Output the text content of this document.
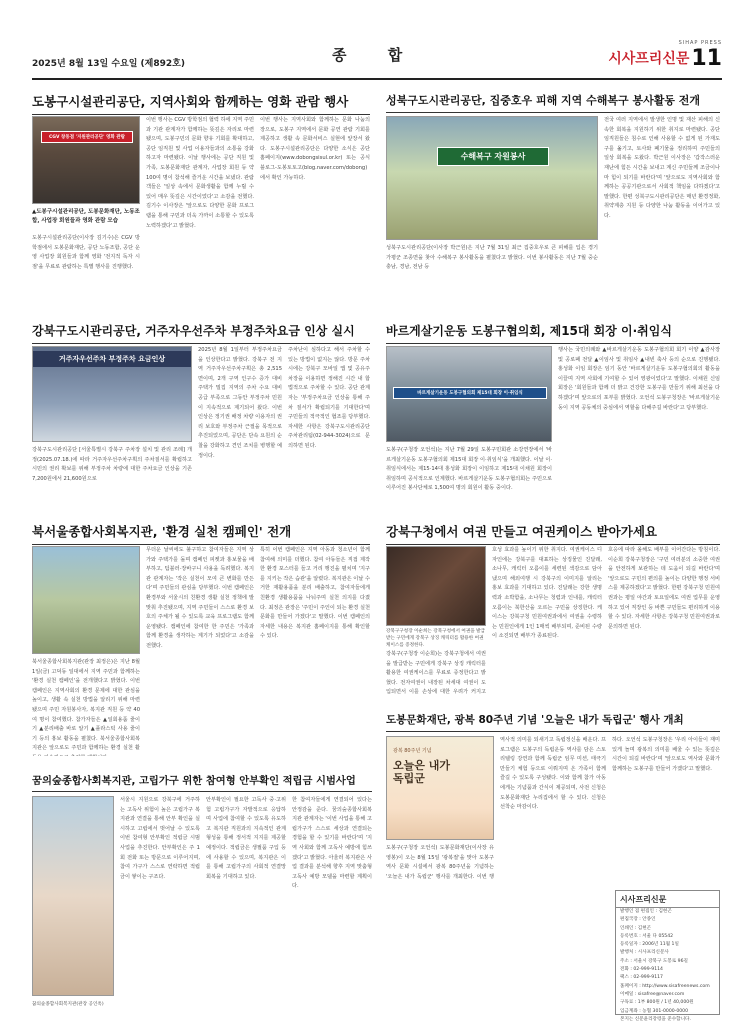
2025년 8월 13일 수요일 (제892호)	종 합
SIHAP PRESS
시사프리신문11
도봉구시설관리공단, 지역사회와 함께하는 영화 관람 행사
CGV 창동점 '지원관리공단' 영화 관람
▲도봉구시설관리공단, 도봉문화재단, 노동조합, 사업장 회원들과 영화 관람 모습
도봉구시설관리공단(이사장 김기수)은 CGV 방학점에서 도봉문화재단, 공단 노동조합, 공단 운영 사업장 회원들과 함께 영화 '전지적 독자 시점'을 무료로 관람하는 특별 행사를 진행했다.
이번 행사는 CGV 방학점의 협력 하에 지역 주민과 기관 관계자가 함께하는 뜻깊은 자리로 마련됐으며, 도봉구민의 문화 향유 기회를 확대하고, 공단 임직원 및 사업 이용자들과의 소통을 강화하고자 마련됐다. 이날 행사에는 공단 직원 및 가족, 도봉문화재단 관계자, 사업장 회원 등 약 100여 명이 참석해 즐거운 시간을 보냈다. 관람객들은 '일상 속에서 문화생활을 함께 누릴 수 있어 매우 뜻깊은 시간이었다'고 소감을 전했다. 김기수 이사장은 '앞으로도 다양한 문화 프로그램을 통해 구민과 더욱 가까이 소통할 수 있도록 노력하겠다'고 밝혔다.
이번 행사는 지역사회와 함께하는 문화 나눔의 장으로, 도봉구 지역에서 문화 공연 관람 기회를 제공하고 생활 속 문화서비스 실현에 앞장서 왔다. 도봉구시설관리공단은 다양한 소식은 공단 홈페이지(www.dobongsisul.or.kr) 또는 공식 블로그-도봉토토고(blog.naver.com/dobong)에서 확인 가능하다.
성북구도시관리공단, 집중호우 피해 지역 수해복구 봉사활동 전개
수해복구 자원봉사
성북구도시관리공단(이사장 박근원)은 지난 7월 31일 최근 집중호우로 큰 피해를 입은 경기 가평군 조종면을 찾아 수해복구 봉사활동을 펼쳤다고 밝혔다. 이번 봉사활동은 지난 7월 중순 충남, 경남, 전남 등
전국 여러 지역에서 발생한 인명 및 재산 피해의 신속한 회복을 지원하기 위한 취지로 마련됐다. 공단 임직원들은 침수로 인해 사용할 수 없게 된 가재도구를 옮기고, 토사와 폐기물을 정리하며 주민들의 일상 회복을 도왔다. 박근원 이사장은 '갑작스러운 재난에 힘든 시간을 보내고 계신 주민들께 조금이나마 힘이 되기를 바란다'며 '앞으로도 지역사회와 함께하는 공공기관으로서 사회적 책임을 다하겠다'고 말했다. 한편 성북구도시관리공단은 매년 환경정화, 취약계층 지원 등 다양한 나눔 활동을 이어가고 있다.
강북구도시관리공단, 거주자우선주차 부정주차요금 인상 실시
거주자우선주차 부정주차 요금인상
강북구도시관리공단 [서울특별시 강북구 주차장 설치 및 관리 조례] 개정(2025.07.18.)에 따라 거주자우선주차구획의 주차질서를 확립하고 시민의 권리 확보를 위해 부정주차 차량에 대한 주차요금 인상을 기존 7,200원에서 21,600원으로
2025년 8월 1일부터 부정주차요금을 인상한다고 밝혔다. 강북구 전 지역 거주자우선주차구획은 총 2,515면이며, 2개 구역 인구수 증가 대비 주택가 밀집 지역의 주차 수요 대비 공급 부족으로 그동안 부정주차 민원이 지속적으로 제기되어 왔다. 이번 인상은 정기권 배정 차량 이용자의 권리 보호와 부정주차 근절을 목적으로 추진되었으며, 공단은 단속 요원의 순찰을 강화하고 견인 조치를 병행할 예정이다.
주차난이 심하다고 해서 주차할 수 있는 방법이 없지는 않다. 방문 주차 시에는 강북구 모바일 앱 및 공유주차장을 이용하면 정해진 시간 내 합법적으로 주차할 수 있다. 공단 관계자는 '부정주차요금 인상을 통해 주차 질서가 확립되기를 기대한다'며 구민들의 적극적인 협조를 당부했다. 자세한 사항은 강북구도시관리공단 주차관리팀(02-944-3024)으로 문의하면 된다.
바르게살기운동 도봉구협의회, 제15대 회장 이·취임식
바르게살기운동 도봉구협의회 제15대 회장 이·취임식
도봉구(구청장 오언석)는 지난 7월 29일 도봉구민회관 소강연장에서 '바르게살기운동 도봉구협의회 제15대 회장 이·취임식'을 개최했다. 이날 이·취임식에서는 제15·14대 홍성화 회장이 이임하고 제15대 이채원 회장이 취임하며 공식적으로 인계했다. 바르게살기운동 도봉구협의회는 주민으로 이루어진 봉사단체로 1,500여 명의 회원이 활동 중이다.
행사는 국민의례와 ▲바르게살기운동 도봉구협의회 회기 이양 ▲감사장 및 공로패 전달 ▲이임사 및 취임사 ▲내빈 축사 등의 순으로 진행됐다. 홍성화 이임 회장은 임기 동안 '바르게살기운동 도봉구협의회의 활동을 이끌며 지역 사회에 기여할 수 있어 영광이었다'고 말했다. 이채원 신임 회장은 '회원들과 함께 더 밝고 건강한 도봉구를 만들기 위해 최선을 다하겠다'며 앞으로의 포부를 밝혔다. 오언석 도봉구청장은 '바르게살기운동이 지역 공동체의 중심에서 역할을 다해주길 바란다'고 당부했다.
북서울종합사회복지관, '환경 실천 캠페인' 전개
북서울종합사회복지관(관장 최정은)은 지난 8월 1일(금) 고덕동 일대에서 지역 주민과 함께하는 '환경 실천 캠페인'을 전개했다고 밝혔다. 이번 캠페인은 지역사회의 환경 문제에 대한 관심을 높이고, 생활 속 실천 방법을 알리기 위해 마련됐으며 주민 자원봉사자, 복지관 직원 등 약 40여 명이 참여했다. 참가자들은 ▲일회용품 줄이기 ▲분리배출 바로 알기 ▲플라스틱 사용 줄이기 등의 홍보 활동을 펼쳤다. 북서울종합사회복지관은 앞으로도 주민과 함께하는 환경 실천 활
무더운 날씨에도 불구하고 참여자들은 지역 상가와 주택가를 돌며 캠페인 피켓과 홍보물을 배부하고, 텀블러·장바구니 사용을 독려했다. 복지관 관계자는 '작은 실천이 모여 큰 변화를 만든다'며 주민들의 관심을 당부했다. 이번 캠페인은 환경부와 서울시의 친환경 생활 실천 정책에 발맞춰 추진됐으며, 지역 주민들이 스스로 환경 보호의 주체가 될 수 있도록 교육 프로그램도 함께 운영됐다. 캠페인에 참여한 한 주민은 '가족과 함께 환경을 생각하는 계기가 되었다'고 소감을 전했다.
특히 이번 캠페인은 지역 아동과 청소년이 함께 참여해 의미를 더했다. 참여 아동들은 직접 제작한 환경 포스터를 들고 거리 행진을 펼치며 '지구를 지키는 작은 습관'을 알렸다. 복지관은 이날 수거한 재활용품을 분리 배출하고, 참여자들에게 친환경 생활용품을 나눠주며 실천 의지를 다졌다. 최정은 관장은 '주민이 주인이 되는 환경 실천 문화를 만들어 가겠다'고 말했다. 이번 캠페인의 자세한 내용은 복지관 홈페이지를 통해 확인할 수 있다.
강북구청에서 여권 만들고 여권케이스 받아가세요
강북구구청장 이순희는 강북구청에서 여권을 발급받는 구민에게 강북구 상징 캐릭터를 활용한 여권케이스를 증정한다.
강북구(구청장 이순희)는 강북구청에서 여권을 발급받는 구민에게 강북구 상징 캐릭터를 활용한 여권케이스를 무료로 증정한다고 밝혔다. 전자여권이 내장된 차세대 여권이 도입되면서 이를 손상에 대한 우려가 커지고
호성 효과를 높이기 위한 취지다. 여권케이스 디자인에는 강북구를 대표하는 상징물인 진달래, 소나무, 캐릭터 오름이를 세련된 색감으로 담아냈으며 해외여행 시 강북구의 이미지를 알리는 홍보 효과를 기대하고 있다. 진달래는 강한 생명력과 소박함을, 소나무는 청렴과 인내를, 캐릭터 오름이는 북한산을 오르는 구민을 상징한다. 케이스는 강북구청 민원여권과에서 여권을 수령하는 민원인에게 1인 1매씩 배부되며, 준비된 수량이 소진되면 배부가 종료된다.
호응에 따라 올해도 배부를 이어간다는 방침이다. 이순희 강북구청장은 '구민 여러분의 소중한 여권을 안전하게 보관하는 데 도움이 되길 바란다'며 '앞으로도 구민의 편의를 높이는 다양한 행정 서비스를 제공하겠다'고 밝혔다. 한편 강북구청 민원여권과는 평일 야간과 토요일에도 여권 업무를 운영하고 있어 직장인 등 바쁜 구민들도 편리하게 이용할 수 있다. 자세한 사항은 강북구청 민원여권과로 문의하면 된다.
도봉문화재단, 광복 80주년 기념 '오늘은 내가 독립군' 행사 개최
광복 80주년 기념
오늘은 내가 독립군
도봉구(구청장 오언석) 도봉문화재단(이사장 유영봉)이 오는 8월 15일 '광복절'을 맞아 도봉구 역사 문화 시설에서 광복 80주년을 기념하는 '오늘은 내가 독립군' 행사를 개최한다. 이번 행
역사적 의미를 되새기고 독립정신을 배운다. 프로그램은 도봉구의 독립운동 역사를 담은 스토리텔링 강연과 함께 독립군 임무 미션, 태극기 만들기 체험 등으로 이뤄지며 온 가족이 함께 즐길 수 있도록 구성됐다. 이와 함께 참가 아동에게는 기념품과 간식이 제공되며, 사전 신청은 도봉문화재단 누리집에서 할 수 있다. 신청은 선착순 마감이다.
하다. 오언석 도봉구청장은 '우리 아이들이 재미있게 놀며 광복의 의미를 배울 수 있는 뜻깊은 시간이 되길 바란다'며 '앞으로도 역사와 문화가 함께하는 도봉구를 만들어 가겠다'고 말했다.
꿈의숲종합사회복지관, 고립가구 위한 참여형 안부확인 적립금 시범사업
꿈의숲종합사회복지관(관장 공인옥)
서울시 지원으로 강북구에 거주하는 고독사 위험이 높은 고립가구 복지관과 연결을 통해 안부 확인을 실시하고 고립에서 벗어날 수 있도록 이번 참여형 안부확인 적립금 시범사업을 추진한다. 안부확인은 주 1회 전화 또는 방문으로 이루어지며, 참여 가구가 스스로 연락하면 적립금이 쌓이는 구조다.
안부확인이 필요한 고독사 중·고위험 고립가구가 자발적으로 응답하며 사업에 참여할 수 있도록 유도하고 복지관 직원과의 지속적인 관계 형성을 통해 정서적 지지를 제공할 예정이다. 적립금은 생필품 구입 등에 사용할 수 있으며, 복지관은 이를 통해 고립가구의 사회적 연결망 회복을 기대하고 있다.
한 참여자들에게 연결되어 있다는 안정감을 준다. 꿈의숲종합사회복지관 관계자는 '이번 사업을 통해 고립가구가 스스로 세상과 연결되는 경험을 할 수 있기를 바란다'며 '지역 사회와 함께 고독사 예방에 힘쓰겠다'고 밝혔다. 아울러 복지관은 사업 결과를 분석해 향후 지역 맞춤형 고독사 예방 모델을 마련할 계획이다.
시사프리신문
발행인 겸 편집인 : 김현곤
편집국장 : 안종인
인쇄인 : 김현곤
등록번호 : 서울 다 05542
등록일자 : 2006년 11월 1일
발행처 : 시사프리신문사
주소 : 서울시 강북구 도봉로 96길
전화 : 02-999-9114
팩스 : 02-999-9117
홈페이지 : http://www.sisafreenews.com
이메일 : sisafree@naver.com
구독료 : 1부 800원 / 1년 40,000원
입금계좌 : 농협 301-0000-0000
본지는 신문윤리강령을 준수합니다.
